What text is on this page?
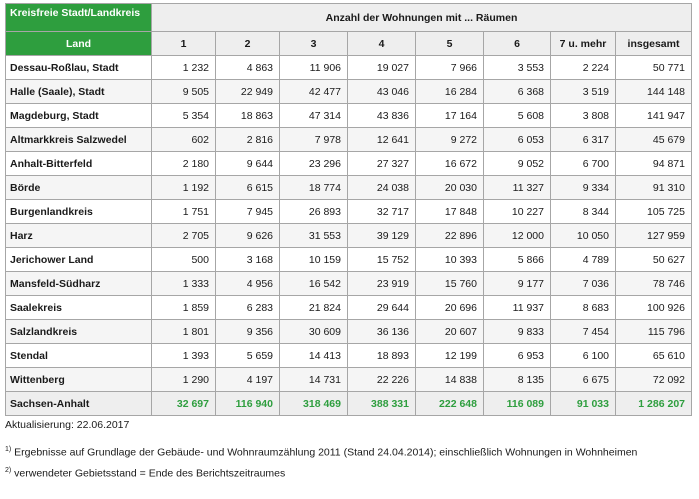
Kreisfreie Stadt/Landkreis	Anzahl der Wohnungen mit ... Räumen							
Land	1	2	3	4	5	6	7 u. mehr	insgesamt
Dessau-Roßlau, Stadt	1 232	4 863	11 906	19 027	7 966	3 553	2 224	50 771
Halle (Saale), Stadt	9 505	22 949	42 477	43 046	16 284	6 368	3 519	144 148
Magdeburg, Stadt	5 354	18 863	47 314	43 836	17 164	5 608	3 808	141 947
Altmarkkreis Salzwedel	602	2 816	7 978	12 641	9 272	6 053	6 317	45 679
Anhalt-Bitterfeld	2 180	9 644	23 296	27 327	16 672	9 052	6 700	94 871
Börde	1 192	6 615	18 774	24 038	20 030	11 327	9 334	91 310
Burgenlandkreis	1 751	7 945	26 893	32 717	17 848	10 227	8 344	105 725
Harz	2 705	9 626	31 553	39 129	22 896	12 000	10 050	127 959
Jerichower Land	500	3 168	10 159	15 752	10 393	5 866	4 789	50 627
Mansfeld-Südharz	1 333	4 956	16 542	23 919	15 760	9 177	7 036	78 746
Saalekreis	1 859	6 283	21 824	29 644	20 696	11 937	8 683	100 926
Salzlandkreis	1 801	9 356	30 609	36 136	20 607	9 833	7 454	115 796
Stendal	1 393	5 659	14 413	18 893	12 199	6 953	6 100	65 610
Wittenberg	1 290	4 197	14 731	22 226	14 838	8 135	6 675	72 092
Sachsen-Anhalt	32 697	116 940	318 469	388 331	222 648	116 089	91 033	1 286 207
Aktualisierung: 22.06.2017
$^{1)}$ Ergebnisse auf Grundlage der Gebäude- und Wohnraumzählung 2011 (Stand 24.04.2014); einschließlich Wohnungen in Wohnheimen
$^{2)}$ verwendeter Gebietsstand = Ende des Berichtszeitraumes
